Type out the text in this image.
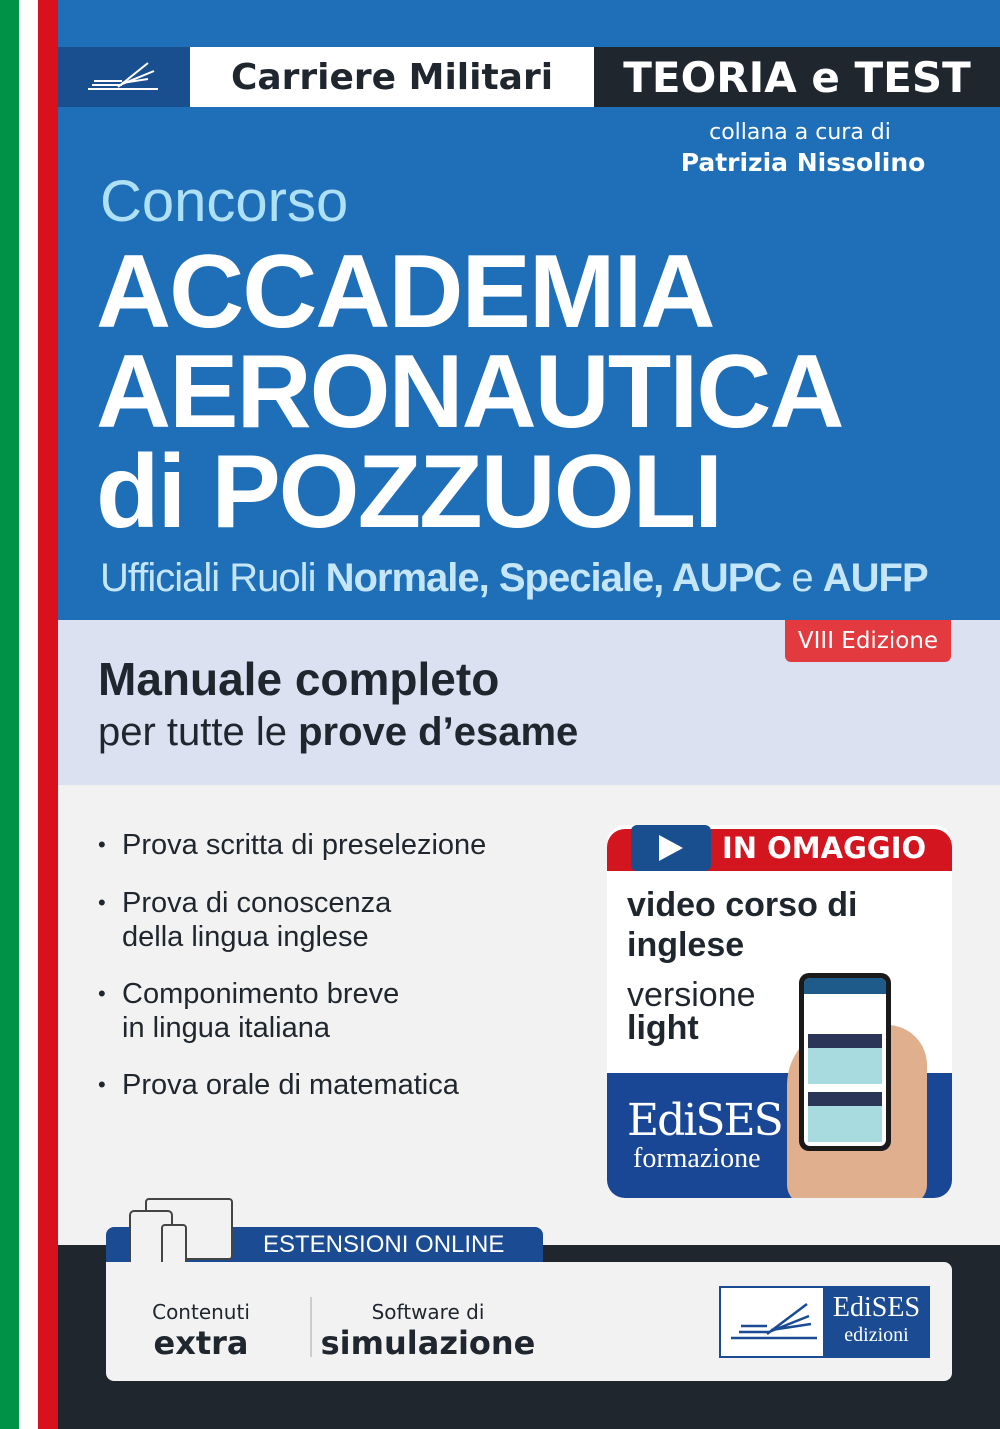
Carriere Militari	TEORIA e TEST
collana a cura di
Patrizia Nissolino
Concorso
ACCADEMIA
AERONAUTICA
di POZZUOLI
Ufficiali Ruoli Normale, Speciale, AUPC e AUFP
VIII Edizione
Manuale completo
per tutte le prove d’esame
• Prova scritta di preselezione
• Prova di conoscenza
della lingua inglese
• Componimento breve
in lingua italiana
• Prova orale di matematica
IN OMAGGIO
video corso di
inglese
versione
light
EdiSES
formazione
ESTENSIONI ONLINE
Contenuti
extra
Software di
simulazione
EdiSES
edizioni
